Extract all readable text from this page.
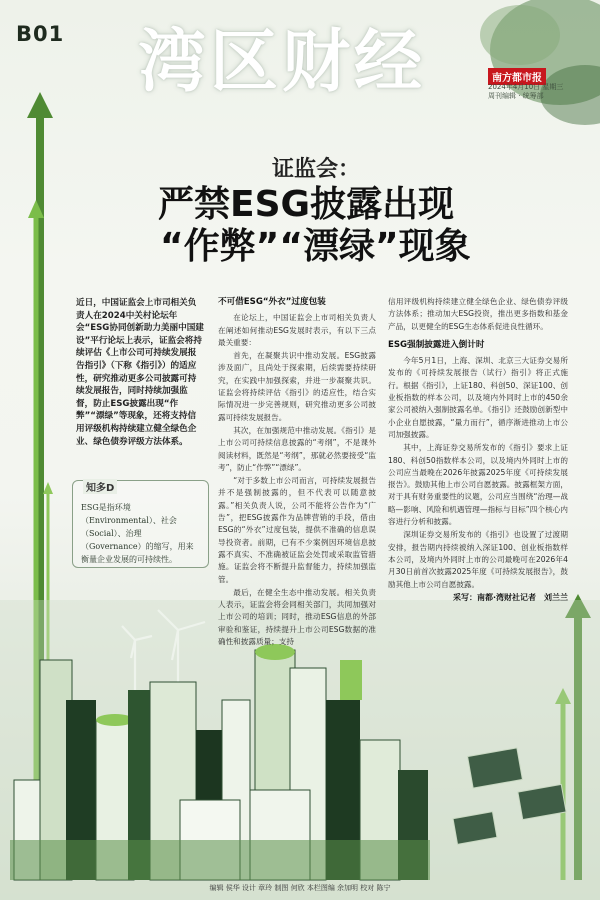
B01 湾区财经	南方都市报
2024年4月10日 星期三
周刊编辑 · 统筹部
证监会：
严禁ESG披露出现
“作弊”“漂绿”现象
近日，中国证监会上市司相关负责人在2024中关村论坛年会“ESG协同创新助力美丽中国建设”平行论坛上表示，证监会将持续评估《上市公司可持续发展报告指引》（下称《指引》）的适应性，研究推动更多公司披露可持续发展报告，同时持续加强监督，防止ESG披露出现“作弊”“漂绿”等现象，还将支持信用评级机构持续建立健全绿色企业、绿色债券评级方法体系。
知多D
ESG是指环境（Environmental）、社会（Social）、治理（Governance）的缩写，用来衡量企业发展的可持续性。
不可借ESG“外衣”过度包装

在论坛上，中国证监会上市司相关负责人在阐述如何推动ESG发展时表示，有以下三点最关重要：

首先，在凝聚共识中推动发展。ESG披露涉及面广，且尚处于探索期，后续需要持续研究，在实践中加强探索，并进一步凝聚共识。证监会将持续评估《指引》的适应性，结合实际情况进一步完善规则，研究推动更多公司披露可持续发展报告。

其次，在加强规范中推动发展。《指引》是上市公司可持续信息披露的“考纲”，不是课外阅读材料，既然是“考纲”，那就必然要接受“监考”，防止“作弊”“漂绿”。

“对于多数上市公司而言，可持续发展报告并不是强制披露的，但不代表可以随意披露。”相关负责人说，公司不能将公告作为“广告”，把ESG披露作为品牌营销的手段，借由ESG的“外衣”过度包装，提供不准确的信息误导投资者。前期，已有不少案例因环境信息披露不真实、不准确被证监会处罚或采取监管措施。证监会将不断提升监督能力，持续加强监管。

最后，在健全生态中推动发展。相关负责人表示，证监会将会同相关部门，共同加强对上市公司的培训；同时，推动ESG信息的外部审验和鉴证，持续提升上市公司ESG数据的准确性和披露质量；支持

信用评级机构持续建立健全绿色企业、绿色债券评级方法体系；推动加大ESG投资，推出更多指数和基金产品，以更健全的ESG生态体系促进良性循环。

ESG强制披露进入倒计时

今年5月1日，上海、深圳、北京三大证券交易所发布的《可持续发展报告（试行）指引》将正式施行。根据《指引》，上证180、科创50、深证100、创业板指数的样本公司，以及境内外同时上市的450余家公司被纳入强制披露名单。《指引》还鼓励创新型中小企业自愿披露，“量力而行”，循序渐进推动上市公司加强披露。

其中，上海证券交易所发布的《指引》要求上证180、科创50指数样本公司，以及境内外同时上市的公司应当最晚在2026年披露2025年度《可持续发展报告》。鼓励其他上市公司自愿披露。披露框架方面，对于具有财务重要性的议题，公司应当围绕“治理—战略—影响、风险和机遇管理—指标与目标”四个核心内容进行分析和披露。

深圳证券交易所发布的《指引》也设置了过渡期安排，报告期内持续被纳入深证100、创业板指数样本公司，及境内外同时上市的公司最晚可在2026年4月30日前首次披露2025年度《可持续发展报告》，鼓励其他上市公司自愿披露。

采写：南都·湾财社记者　刘兰兰
编辑 侯华 设计 章玲 制图 何欣 本栏图编 余加明 校对 陈宁
